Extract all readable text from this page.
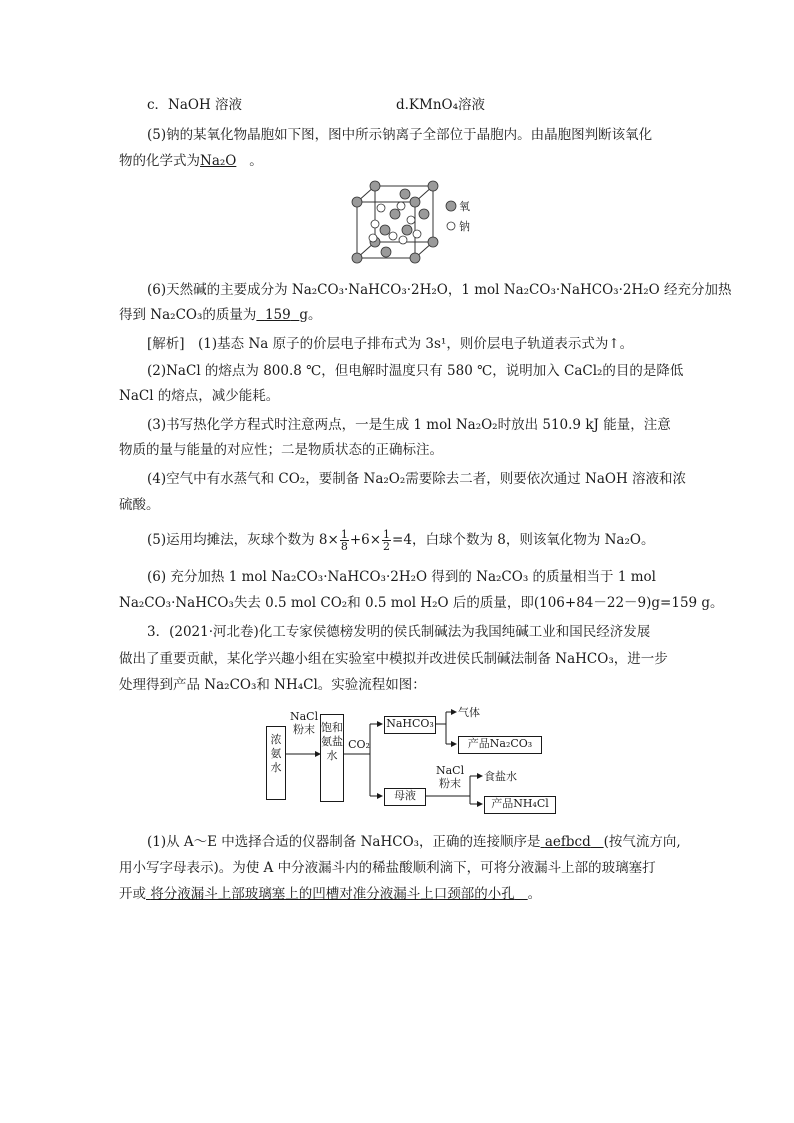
c．NaOH 溶液	d.KMnO₄溶液
(5)钠的某氧化物晶胞如下图，图中所示钠离子全部位于晶胞内。由晶胞图判断该氧化
物的化学式为Na₂O 。
氧
钠
(6)天然碱的主要成分为 Na₂CO₃·NaHCO₃·2H₂O，1 mol Na₂CO₃·NaHCO₃·2H₂O 经充分加热
得到 Na₂CO₃的质量为 159 g。
[解析]　(1)基态 Na 原子的价层电子排布式为 3s¹，则价层电子轨道表示式为↑。
(2)NaCl 的熔点为 800.8 ℃，但电解时温度只有 580 ℃，说明加入 CaCl₂的目的是降低
NaCl 的熔点，减少能耗。
(3)书写热化学方程式时注意两点，一是生成 1 mol Na₂O₂时放出 510.9 kJ 能量，注意
物质的量与能量的对应性；二是物质状态的正确标注。
(4)空气中有水蒸气和 CO₂，要制备 Na₂O₂需要除去二者，则要依次通过 NaOH 溶液和浓
硫酸。
(5)运用均摊法，灰球个数为 $8\times \frac{1}{8} +6\times \frac{1}{2} =4$，白球个数为 8，则该氧化物为 Na₂O。
(6) 充分加热 1 mol Na₂CO₃·NaHCO₃·2H₂O 得到的 Na₂CO₃ 的质量相当于 1 mol
Na₂CO₃·NaHCO₃失去 0.5 mol CO₂和 0.5 mol H₂O 后的质量，即(106+84－22－9)g=159 g。
3．(2021·河北卷)化工专家侯德榜发明的侯氏制碱法为我国纯碱工业和国民经济发展
做出了重要贡献，某化学兴趣小组在实验室中模拟并改进侯氏制碱法制备 NaHCO₃，进一步
处理得到产品 Na₂CO₃和 NH₄Cl。实验流程如图：
浓氨水
NaCl粉末 饱和氨盐水
CO₂
NaHCO₃
气体
产品Na₂CO₃
母液
NaCl粉末
食盐水
产品NH₄Cl
(1)从 A～E 中选择合适的仪器制备 NaHCO₃，正确的连接顺序是 aefbcd (按气流方向,
用小写字母表示)。为使 A 中分液漏斗内的稀盐酸顺利滴下，可将分液漏斗上部的玻璃塞打
开或 将分液漏斗上部玻璃塞上的凹槽对准分液漏斗上口颈部的小孔 。
